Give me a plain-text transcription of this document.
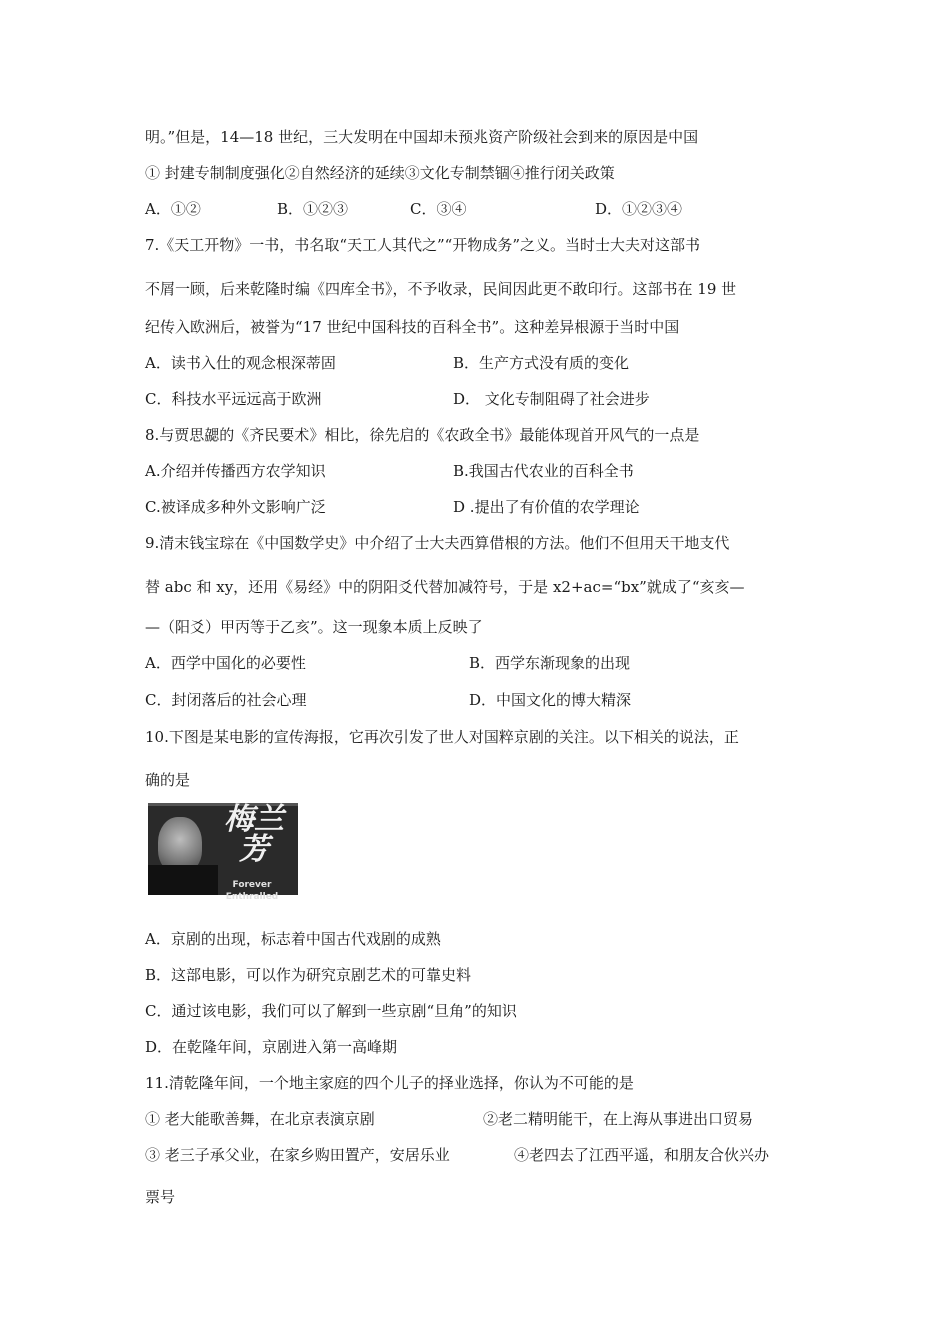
明。”但是，14—18 世纪，三大发明在中国却未预兆资产阶级社会到来的原因是中国
① 封建专制制度强化②自然经济的延续③文化专制禁锢④推行闭关政策
A．①②	B．①②③	C．③④	D．①②③④
7.《天工开物》一书，书名取“天工人其代之”“开物成务”之义。当时士大夫对这部书
不屑一顾，后来乾隆时编《四库全书》，不予收录，民间因此更不敢印行。这部书在 19 世
纪传入欧洲后，被誉为“17 世纪中国科技的百科全书”。这种差异根源于当时中国
A．读书入仕的观念根深蒂固	B．生产方式没有质的变化
C．科技水平远远高于欧洲	D． 文化专制阻碍了社会进步
8.与贾思勰的《齐民要术》相比，徐先启的《农政全书》最能体现首开风气的一点是
A.介绍并传播西方农学知识	B.我国古代农业的百科全书
C.被译成多种外文影响广泛	D .提出了有价值的农学理论
9.清末钱宝琮在《中国数学史》中介绍了士大夫西算借根的方法。他们不但用天干地支代
替 abc 和 xy，还用《易经》中的阴阳爻代替加减符号，于是 x2+ac=“bx”就成了“亥亥—
—（阳爻）甲丙等于乙亥”。这一现象本质上反映了
A．西学中国化的必要性	B．西学东渐现象的出现
C．封闭落后的社会心理	D．中国文化的博大精深
10.下图是某电影的宣传海报，它再次引发了世人对国粹京剧的关注。以下相关的说法，正
确的是
梅兰芳
Forever Enthralled
A．京剧的出现，标志着中国古代戏剧的成熟
B．这部电影，可以作为研究京剧艺术的可靠史料
C．通过该电影，我们可以了解到一些京剧“旦角”的知识
D．在乾隆年间，京剧进入第一高峰期
11.清乾隆年间，一个地主家庭的四个儿子的择业选择，你认为不可能的是
① 老大能歌善舞，在北京表演京剧	②老二精明能干，在上海从事进出口贸易
③ 老三子承父业，在家乡购田置产，安居乐业	④老四去了江西平遥，和朋友合伙兴办
票号
